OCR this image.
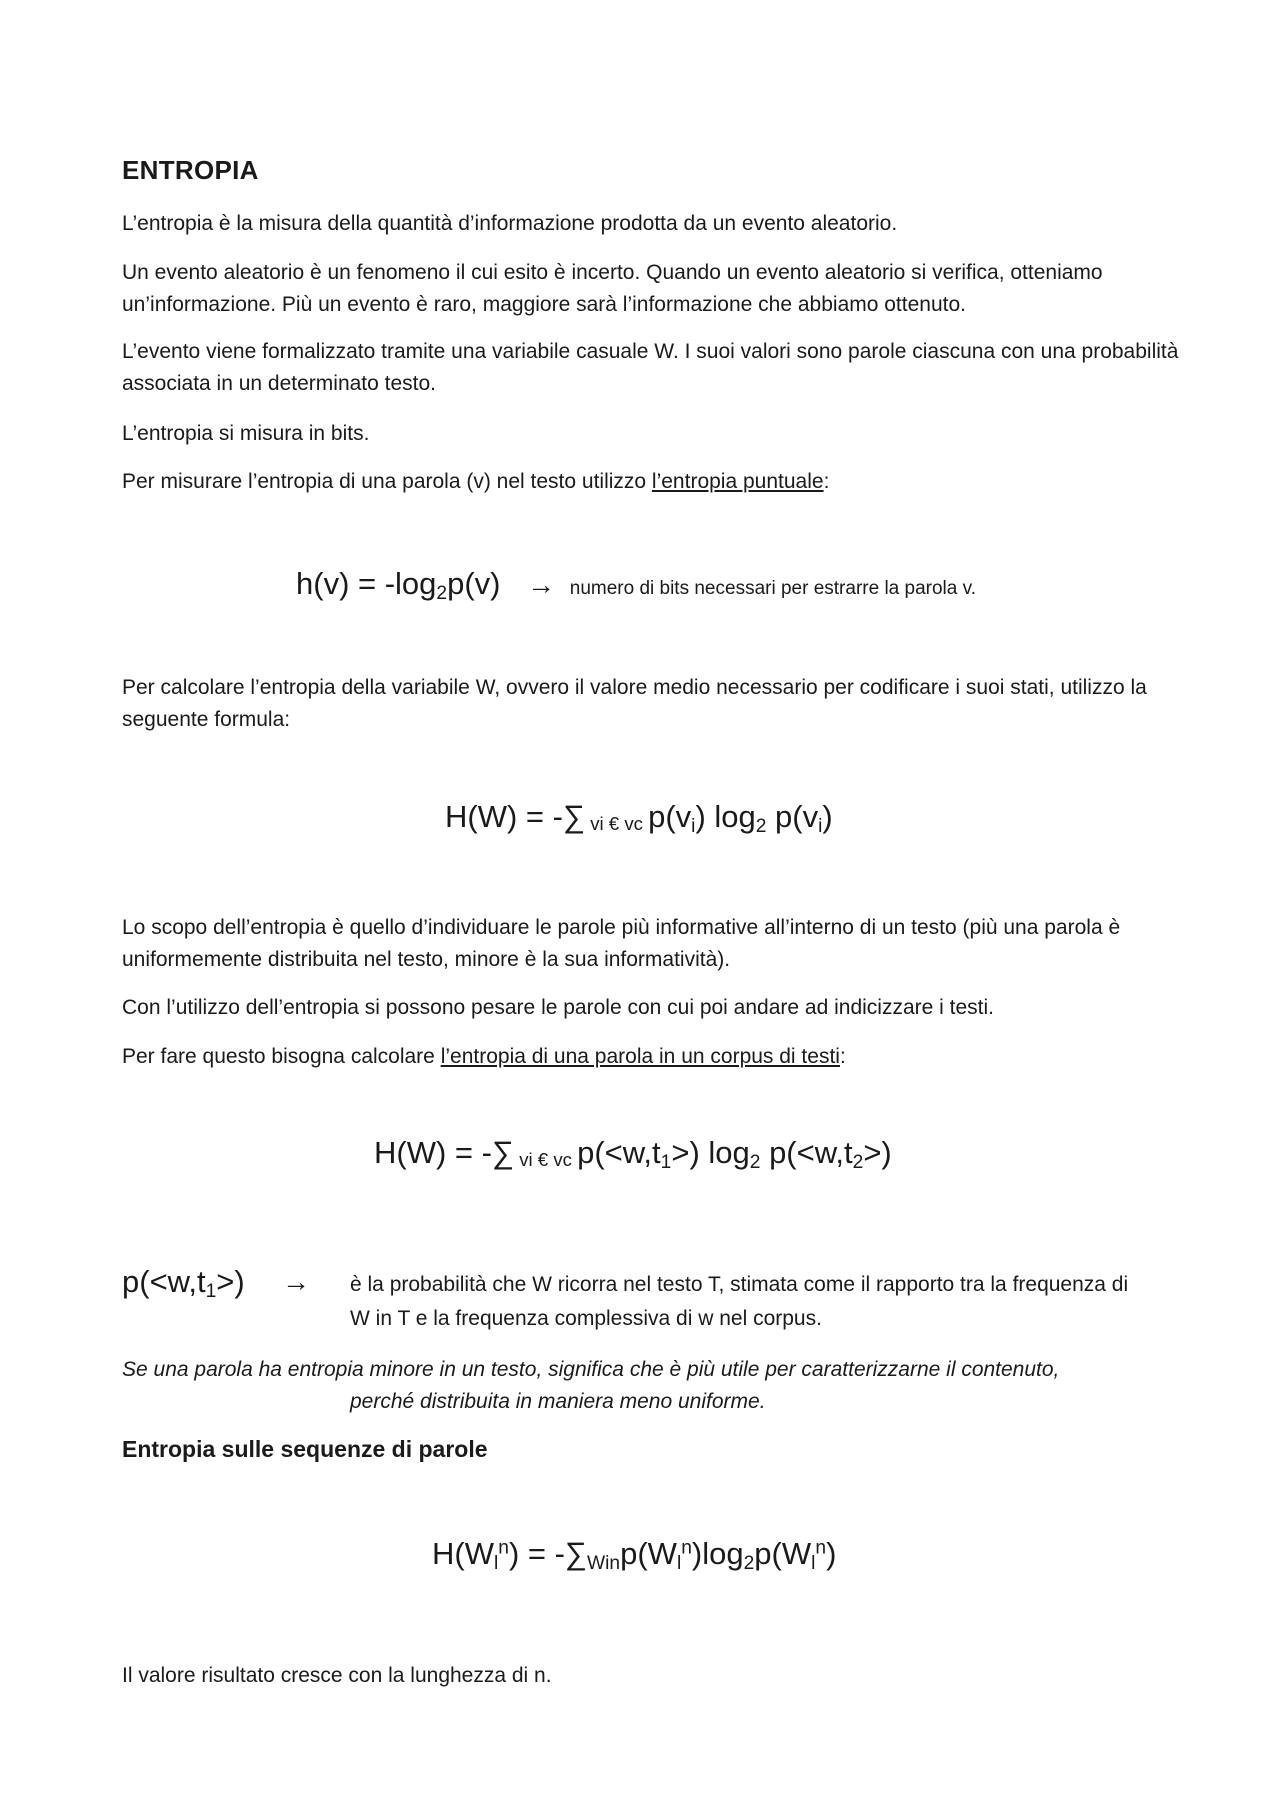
ENTROPIA

L’entropia è la misura della quantità d’informazione prodotta da un evento aleatorio.

Un evento aleatorio è un fenomeno il cui esito è incerto. Quando un evento aleatorio si verifica, otteniamo un’informazione. Più un evento è raro, maggiore sarà l’informazione che abbiamo ottenuto.

L’evento viene formalizzato tramite una variabile casuale W. I suoi valori sono parole ciascuna con una probabilità associata in un determinato testo.

L’entropia si misura in bits.

Per misurare l’entropia di una parola (v) nel testo utilizzo l’entropia puntuale:

$h(v) = -\log_2p(v)$ → numero di bits necessari per estrarre la parola v.

Per calcolare l’entropia della variabile W, ovvero il valore medio necessario per codificare i suoi stati, utilizzo la seguente formula:

H(W) = -∑ vi € vc $p(v_i)$ $\log_2 p(v_i)$

Lo scopo dell’entropia è quello d’individuare le parole più informative all’interno di un testo (più una parola è uniformemente distribuita nel testo, minore è la sua informatività).

Con l’utilizzo dell’entropia si possono pesare le parole con cui poi andare ad indicizzare i testi.

Per fare questo bisogna calcolare l’entropia di una parola in un corpus di testi:

H(W) = -∑ vi € vc $p(<w,t_1>)$ $\log_2 p(<w,t_2>)$
$p(<w,t_1>)$ → è la probabilità che W ricorra nel testo T, stimata come il rapporto tra la frequenza di
W in T e la frequenza complessiva di w nel corpus.

Se una parola ha entropia minore in un testo, significa che è più utile per caratterizzarne il contenuto,

perché distribuita in maniera meno uniforme.

Entropia sulle sequenze di parole
$H(W_l^n) = -\sum_{Win}p(W_l^n)\log_2p(W_l^n)$

Il valore risultato cresce con la lunghezza di n.
